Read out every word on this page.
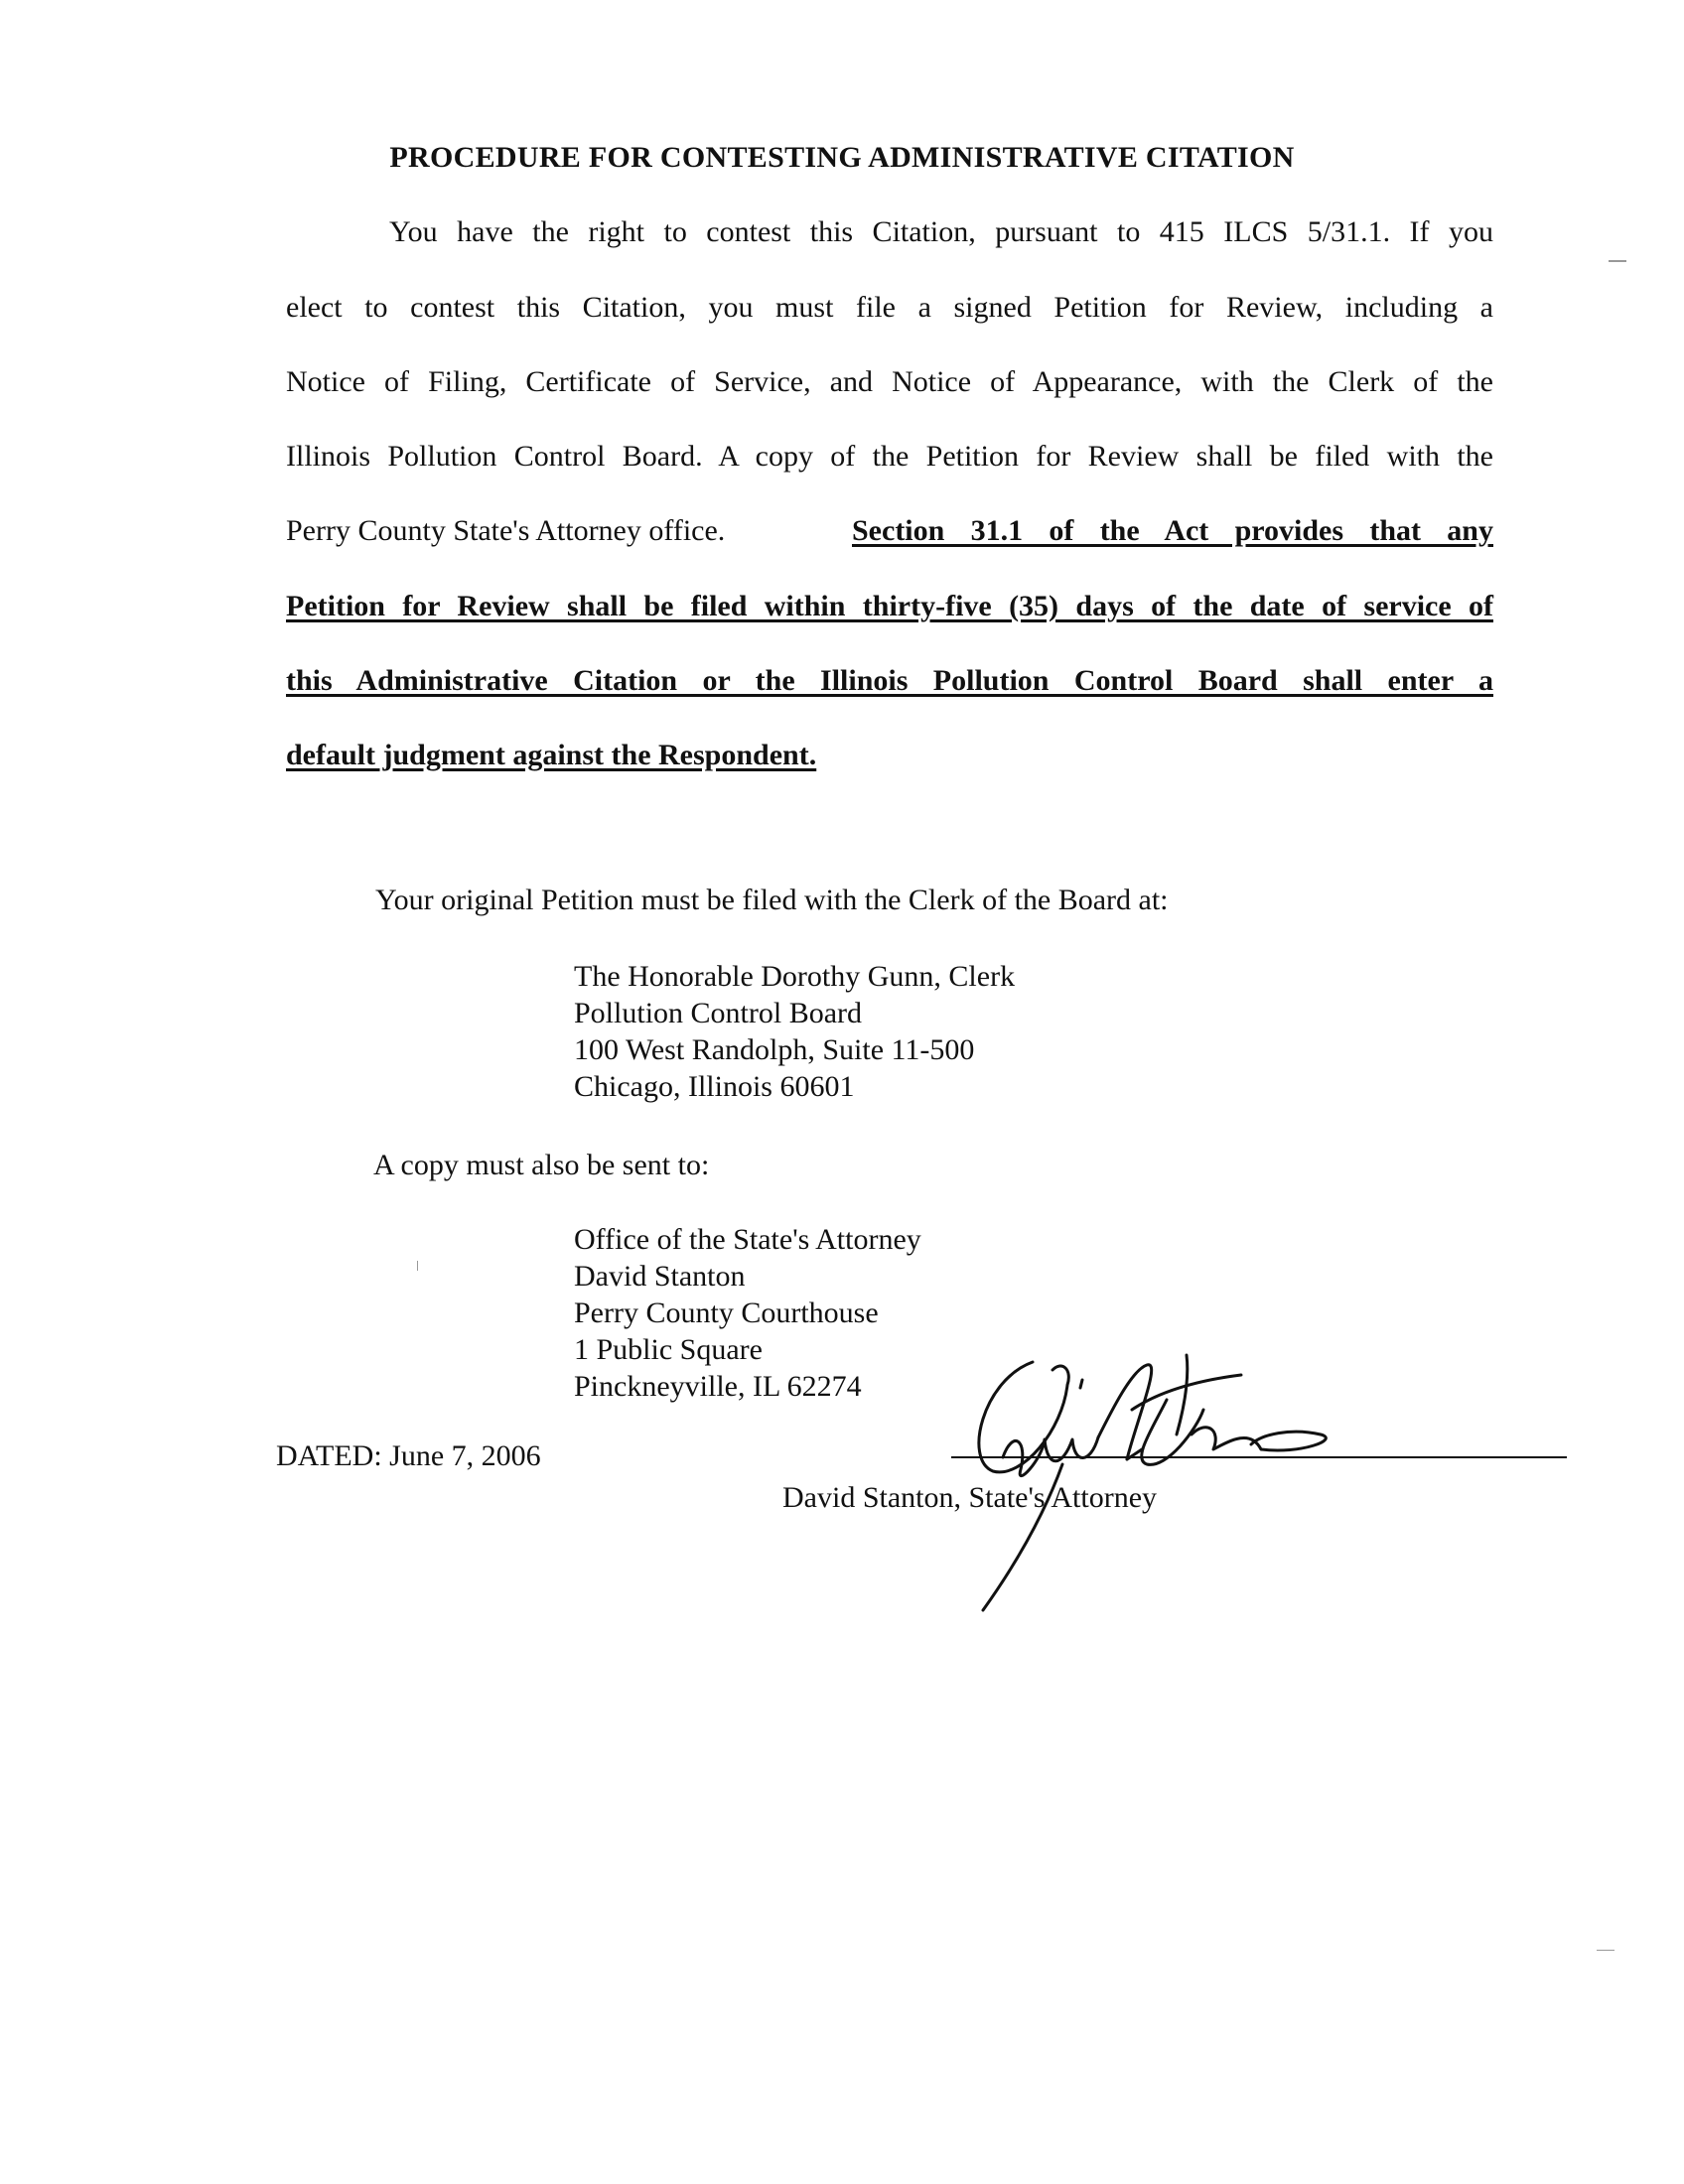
PROCEDURE FOR CONTESTING ADMINISTRATIVE CITATION
You have the right to contest this Citation, pursuant to 415 ILCS 5/31.1. If you
elect to contest this Citation, you must file a signed Petition for Review, including a
Notice of Filing, Certificate of Service, and Notice of Appearance, with the Clerk of the
Illinois Pollution Control Board. A copy of the Petition for Review shall be filed with the
Perry County State's Attorney office.	Section 31.1 of the Act provides that any
Petition for Review shall be filed within thirty-five (35) days of the date of service of
this Administrative Citation or the Illinois Pollution Control Board shall enter a
default judgment against the Respondent.
Your original Petition must be filed with the Clerk of the Board at:
The Honorable Dorothy Gunn, Clerk
Pollution Control Board
100 West Randolph, Suite 11-500
Chicago, Illinois 60601
A copy must also be sent to:
Office of the State's Attorney
David Stanton
Perry County Courthouse
1 Public Square
Pinckneyville, IL 62274
DATED: June 7, 2006
David Stanton, State's Attorney
